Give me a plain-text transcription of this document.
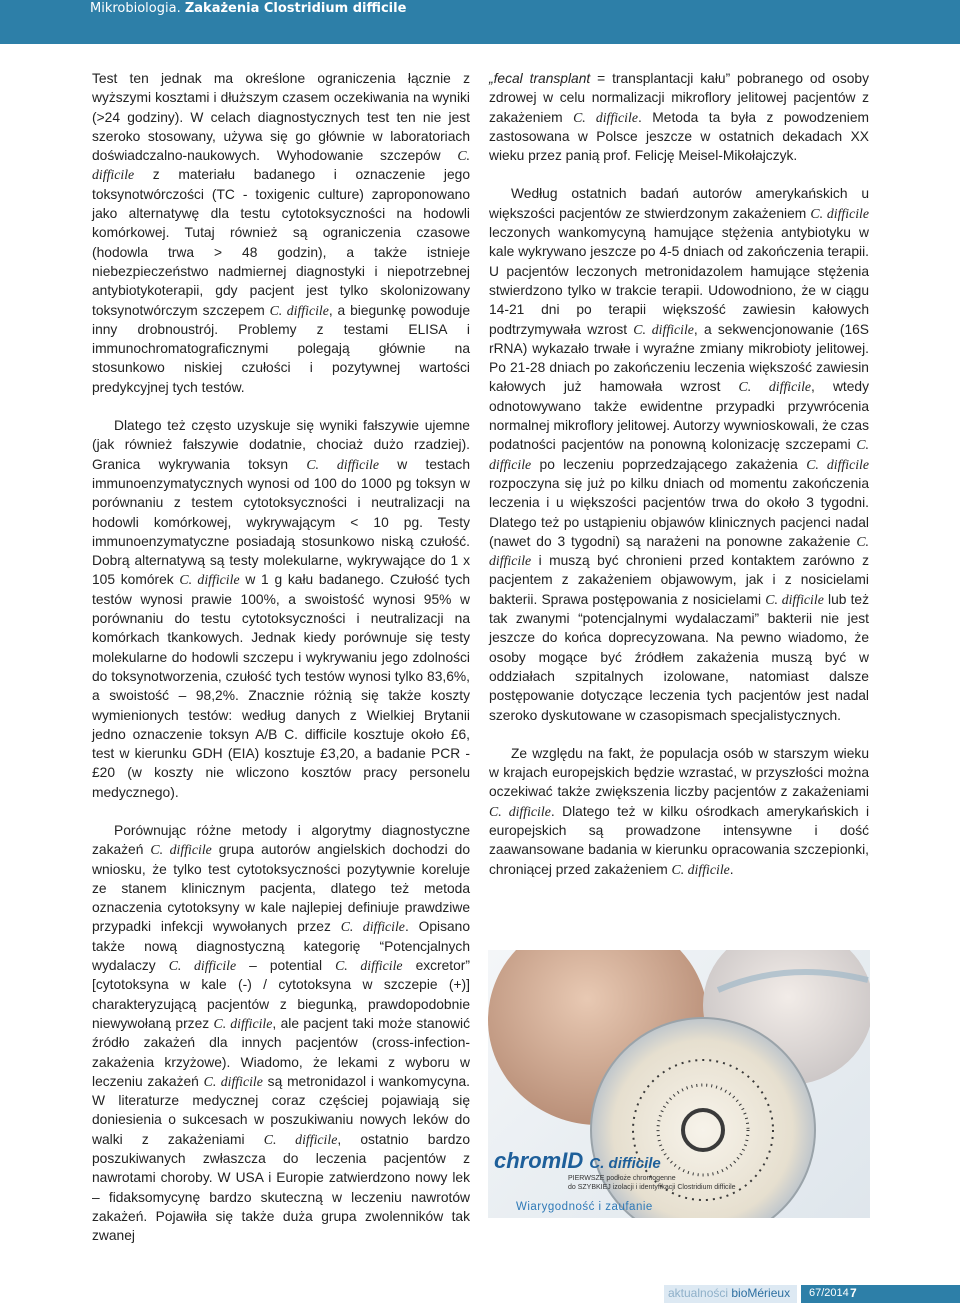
Mikrobiologia. Zakażenia Clostridium difficile

Test ten jednak ma określone ograniczenia łącznie z wyższymi kosztami i dłuższym czasem oczekiwania na wyniki (>24 godziny). W celach diagnostycznych test ten nie jest szeroko stosowany, używa się go głównie w laboratoriach doświadczalno-naukowych. Wyhodowanie szczepów C. difficile z materiału badanego i oznaczenie jego toksynotwórczości (TC - toxigenic culture) zaproponowano jako alternatywę dla testu cytotoksyczności na hodowli komórkowej. Tutaj również są ograniczenia czasowe (hodowla trwa > 48 godzin), a także istnieje niebezpieczeństwo nadmiernej diagnostyki i niepotrzebnej antybiotykoterapii, gdy pacjent jest tylko skolonizowany toksynotwórczym szczepem C. difficile, a biegunkę powoduje inny drobnoustrój. Problemy z testami ELISA i immunochromatograficznymi polegają głównie na stosunkowo niskiej czułości i pozytywnej wartości predykcyjnej tych testów.

Dlatego też często uzyskuje się wyniki fałszywie ujemne (jak również fałszywie dodatnie, chociaż dużo rzadziej). Granica wykrywania toksyn C. difficile w testach immunoenzymatycznych wynosi od 100 do 1000 pg toksyn w porównaniu z testem cytotoksyczności i neutralizacji na hodowli komórkowej, wykrywającym < 10 pg. Testy immunoenzymatyczne posiadają stosunkowo niską czułość. Dobrą alternatywą są testy molekularne, wykrywające do 1 x 105 komórek C. difficile w 1 g kału badanego. Czułość tych testów wynosi prawie 100%, a swoistość wynosi 95% w porównaniu do testu cytotoksyczności i neutralizacji na komórkach tkankowych. Jednak kiedy porównuje się testy molekularne do hodowli szczepu i wykrywaniu jego zdolności do toksynotworzenia, czułość tych testów wynosi tylko 83,6%, a swoistość – 98,2%. Znacznie różnią się także koszty wymienionych testów: według danych z Wielkiej Brytanii jedno oznaczenie toksyn A/B C. difficile kosztuje około £6, test w kierunku GDH (EIA) kosztuje £3,20, a badanie PCR - £20 (w koszty nie wliczono kosztów pracy personelu medycznego).

Porównując różne metody i algorytmy diagnostyczne zakażeń C. difficile grupa autorów angielskich dochodzi do wniosku, że tylko test cytotoksyczności pozytywnie koreluje ze stanem klinicznym pacjenta, dlatego też metoda oznaczenia cytotoksyny w kale najlepiej definiuje prawdziwe przypadki infekcji wywołanych przez C. difficile. Opisano także nową diagnostyczną kategorię “Potencjalnych wydalaczy C. difficile – potential C. difficile excretor” [cytotoksyna w kale (-) / cytotoksyna w szczepie (+)] charakteryzującą pacjentów z biegunką, prawdopodobnie niewywołaną przez C. difficile, ale pacjent taki może stanowić źródło zakażeń dla innych pacjentów (cross-infection- zakażenia krzyżowe). Wiadomo, że lekami z wyboru w leczeniu zakażeń C. difficile są metronidazol i wankomycyna. W literaturze medycznej coraz częściej pojawiają się doniesienia o sukcesach w poszukiwaniu nowych leków do walki z zakażeniami C. difficile, ostatnio bardzo poszukiwanych zwłaszcza do leczenia pacjentów z nawrotami choroby. W USA i Europie zatwierdzono nowy lek – fidaksomycynę bardzo skuteczną w leczeniu nawrotów zakażeń. Pojawiła się także duża grupa zwolenników tak zwanej

„fecal transplant = transplantacji kału” pobranego od osoby zdrowej w celu normalizacji mikroflory jelitowej pacjentów z zakażeniem C. difficile. Metoda ta była z powodzeniem zastosowana w Polsce jeszcze w ostatnich dekadach XX wieku przez panią prof. Felicję Meisel-Mikołajczyk.

Według ostatnich badań autorów amerykańskich u większości pacjentów ze stwierdzonym zakażeniem C. difficile leczonych wankomycyną hamujące stężenia antybiotyku w kale wykrywano jeszcze po 4-5 dniach od zakończenia terapii. U pacjentów leczonych metronidazolem hamujące stężenia stwierdzono tylko w trakcie terapii. Udowodniono, że w ciągu 14-21 dni po terapii większość zawiesin kałowych podtrzymywała wzrost C. difficile, a sekwencjonowanie (16S rRNA) wykazało trwałe i wyraźne zmiany mikrobioty jelitowej. Po 21-28 dniach po zakończeniu leczenia większość zawiesin kałowych już hamowała wzrost C. difficile, wtedy odnotowywano także ewidentne przypadki przywrócenia normalnej mikroflory jelitowej. Autorzy wywnioskowali, że czas podatności pacjentów na ponowną kolonizację szczepami C. difficile po leczeniu poprzedzającego zakażenia C. difficile rozpoczyna się już po kilku dniach od momentu zakończenia leczenia i u większości pacjentów trwa do około 3 tygodni. Dlatego też po ustąpieniu objawów klinicznych pacjenci nadal (nawet do 3 tygodni) są narażeni na ponowne zakażenie C. difficile i muszą być chronieni przed kontaktem zarówno z pacjentem z zakażeniem objawowym, jak i z nosicielami bakterii. Sprawa postępowania z nosicielami C. difficile lub też tak zwanymi “potencjalnymi wydalaczami” bakterii nie jest jeszcze do końca doprecyzowana. Na pewno wiadomo, że osoby mogące być źródłem zakażenia muszą być w oddziałach szpitalnych izolowane, natomiast dalsze postępowanie dotyczące leczenia tych pacjentów jest nadal szeroko dyskutowane w czasopismach specjalistycznych.

Ze względu na fakt, że populacja osób w starszym wieku w krajach europejskich będzie wzrastać, w przyszłości można oczekiwać także zwiększenia liczby pacjentów z zakażeniami C. difficile. Dlatego też w kilku ośrodkach amerykańskich i europejskich są prowadzone intensywne i dość zaawansowane badania w kierunku opracowania szczepionki, chroniącej przed zakażeniem C. difficile.

chromID C. difficile
PIERWSZE podłoże chromogenne
do SZYBKIEJ izolacji i identyfikacji Clostridium difficile
Wiarygodność i zaufanie
aktualności bioMérieux 67/2014 7
